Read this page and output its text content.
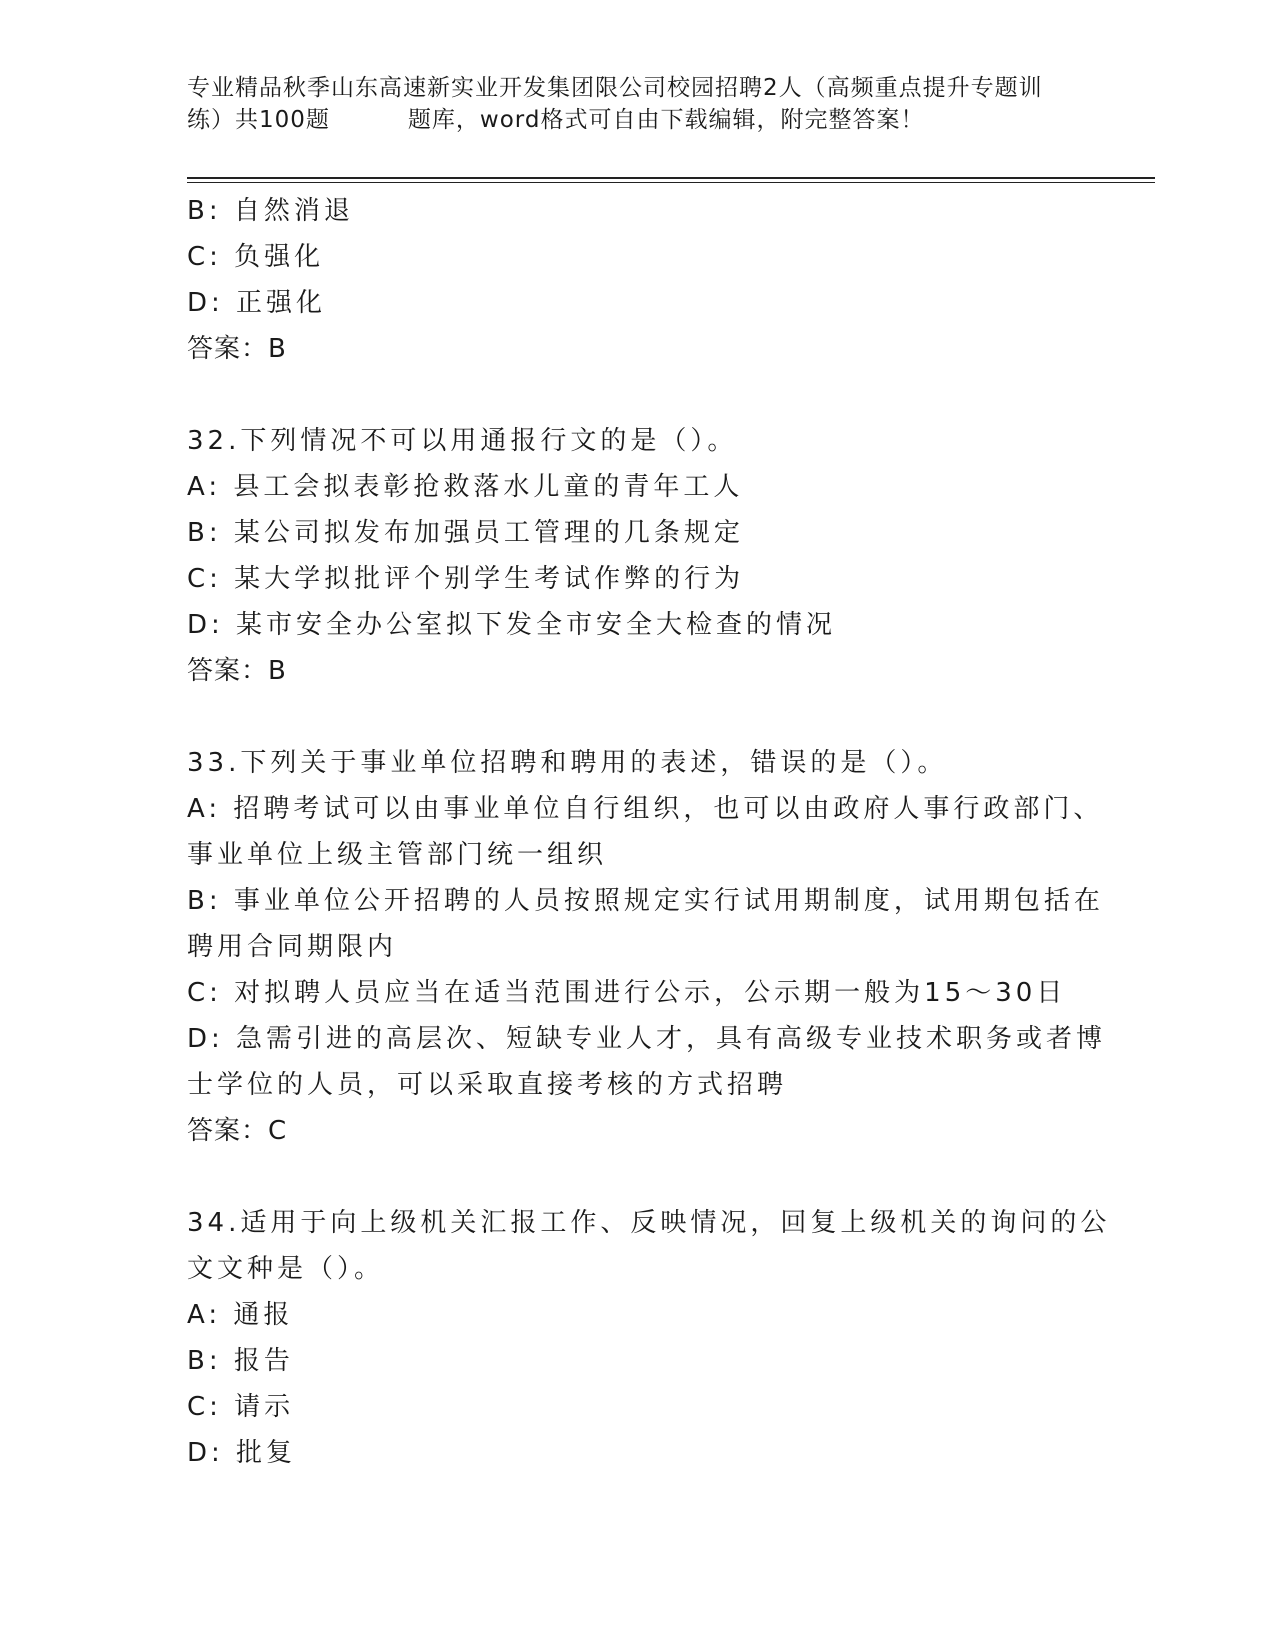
专业精品秋季山东高速新实业开发集团限公司校园招聘2人（高频重点提升专题训
练）共100题	题库，word格式可自由下载编辑，附完整答案！
B: 自然消退
C: 负强化
D: 正强化
答案：B
32.下列情况不可以用通报行文的是（）。
A: 县工会拟表彰抢救落水儿童的青年工人
B: 某公司拟发布加强员工管理的几条规定
C: 某大学拟批评个别学生考试作弊的行为
D: 某市安全办公室拟下发全市安全大检查的情况
答案：B
33.下列关于事业单位招聘和聘用的表述，错误的是（）。
A: 招聘考试可以由事业单位自行组织，也可以由政府人事行政部门、
事业单位上级主管部门统一组织
B: 事业单位公开招聘的人员按照规定实行试用期制度，试用期包括在
聘用合同期限内
C: 对拟聘人员应当在适当范围进行公示，公示期一般为15～30日
D: 急需引进的高层次、短缺专业人才，具有高级专业技术职务或者博
士学位的人员，可以采取直接考核的方式招聘
答案：C
34.适用于向上级机关汇报工作、反映情况，回复上级机关的询问的公
文文种是（）。
A: 通报
B: 报告
C: 请示
D: 批复
